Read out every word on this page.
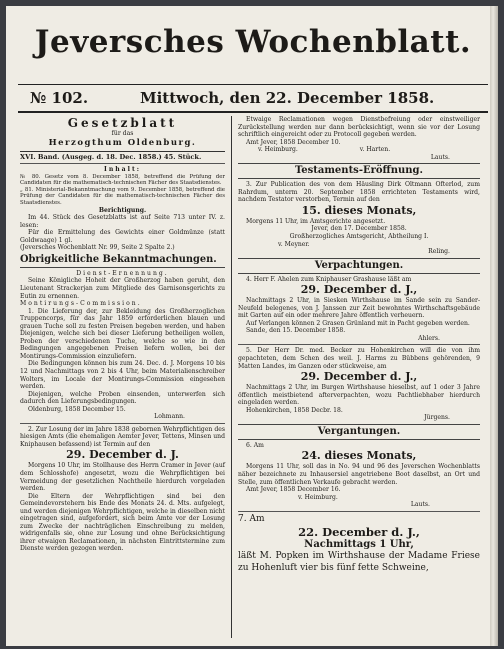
Jeversches Wochenblatt.
№ 102.	Mittwoch, den 22. December 1858.
Gesetzblatt
für das
Herzogthum Oldenburg.
XVI. Band. (Ausgeg. d. 18. Dec. 1858.) 45. Stück.
Inhalt:
№ 80. Gesetz vom 8. December 1858, betreffend die Prüfung der Candidaten für die mathematisch-technischen Fächer des Staatsdienstes.
„ 81. Ministerial-Bekanntmachung vom 9. December 1858, betreffend die Prüfung der Candidaten für die mathematisch-technischen Fächer des Staatsdienstes.
Berichtigung.
Im 44. Stück des Gesetzblatts ist auf Seite 713 unter IV. z. lesen:
Für die Ermittelung des Gewichts einer Goldmünze (statt Goldwaage) 1 gl.
(Jeversches Wochenblatt Nr. 99, Seite 2 Spalte 2.)
Obrigkeitliche Bekanntmachungen.
Dienst-Ernennung.
Seine Königliche Hoheit der Großherzog haben geruht, den Lieutenant Strackerjan zum Mitgliede des Garnisonsgerichts zu Eutin zu ernennen.
Montirungs-Commission.
1. Die Lieferung der, zur Bekleidung des Großherzoglichen Truppencorps, für das Jahr 1859 erforderlichen blauen und grauen Tuche soll zu festen Preisen begeben werden, und haben Diejenigen, welche sich bei dieser Lieferung betheiligen wollen, Proben der verschiedenen Tuche, welche so wie in den Bedingungen angegebenen Preisen liefern wollen, bei der Montirungs-Commission einzuliefern.
Die Bedingungen können bis zum 24. Dec. d. J. Morgens 10 bis 12 und Nachmittags von 2 bis 4 Uhr, beim Materialienschreiber Wolters, im Locale der Montirungs-Commission eingesehen werden.
Diejenigen, welche Proben einsenden, unterwerfen sich dadurch den Lieferungsbedingungen.
Oldenburg, 1858 December 15.
Lohmann.
2. Zur Losung der im Jahre 1838 gebornen Wehrpflichtigen des hiesigen Amts (die ehemaligen Aemter Jever, Tettens, Minsen und Kniphausen befassend) ist Termin auf den
29. December d. J.
Morgens 10 Uhr, im Stollhause des Herrn Cramer in Jever (auf dem Schlosshofe) angesetzt, wozu die Wehrpflichtigen bei Vermeidung der gesetzlichen Nachtheile hierdurch vorgeladen werden.
Die Eltern der Wehrpflichtigen sind bei den Gemeindevorstehern bis Ende des Monats 24. d. Mts. aufgelegt, und werden diejenigen Wehrpflichtigen, welche in dieselben nicht eingetragen sind, aufgefordert, sich beim Amte vor der Losung zum Zwecke der nachträglichen Einschreibung zu melden, widrigenfalls sie, ohne zur Losung und ohne Berücksichtigung ihrer etwaigen Reclamationen, in nächsten Eintrittstermine zum Dienste werden gezogen werden.
Etwaige Reclamationen wegen Dienstbefreiung oder einstweiliger Zurückstellung werden nur dann berücksichtigt, wenn sie vor der Losung schriftlich eingereicht oder zu Protocoll gegeben werden.
Amt Jever, 1858 December 10.
v. Heimburg.	v. Harten.
Lauts.
Testaments-Eröffnung.
3. Zur Publication des von dem Häusling Dirk Oltmann Ofterlod, zum Rahrdum, unterm 20. September 1858 errichteten Testaments wird, nachdem Testator verstorben, Termin auf den
15. dieses Monats,
Morgens 11 Uhr, im Amtsgerichte angesetzt.
Jever, den 17. December 1858.
Großherzogliches Amtsgericht, Abtheilung I.
v. Meyner.
Reling.
Verpachtungen.
4. Herr F. Ahelen zum Kniphauser Grashause läßt am
29. December d. J.,
Nachmittags 2 Uhr, in Siesken Wirthshause im Sande sein zu Sander-Neufeld belegenes, von J. Janssen zur Zeit bewohntes Wirthschaftsgebäude mit Garten auf ein oder mehrere Jahre öffentlich verheuern.
Auf Verlangen können 2 Grasen Grünland mit in Pacht gegeben werden.
Sande, den 15. December 1858.
Ahlers.
5. Der Herr Dr. med. Becker zu Hohenkirchen will die von ihm gepachteten, dem Schen des weil. J. Harms zu Bübbens gehörenden, 9 Matten Landes, im Ganzen oder stückweise, am
29. December d. J.,
Nachmittags 2 Uhr, im Burgen Wirthshause hieselbst, auf 1 oder 3 Jahre öffentlich meistbietend afterverpachten, wozu Pachtliebhaber hierdurch eingeladen werden.
Hohenkirchen, 1858 Decbr. 18.
Jürgens.
Vergantungen.
6. Am
24. dieses Monats,
Morgens 11 Uhr, soll das in No. 94 und 96 des Jeverschen Wochenblatts näher bezeichnete zu Inhausersiel angetriebene Boot daselbst, an Ort und Stelle, zum öffentlichen Verkaufe gebracht werden.
Amt Jever, 1858 December 16.
v. Heimburg.
Lauts.
7. Am
22. December d. J.,
Nachmittags 1 Uhr,
läßt M. Popken im Wirthshause der Madame Friese zu Hohenluft vier bis fünf fette Schweine,
